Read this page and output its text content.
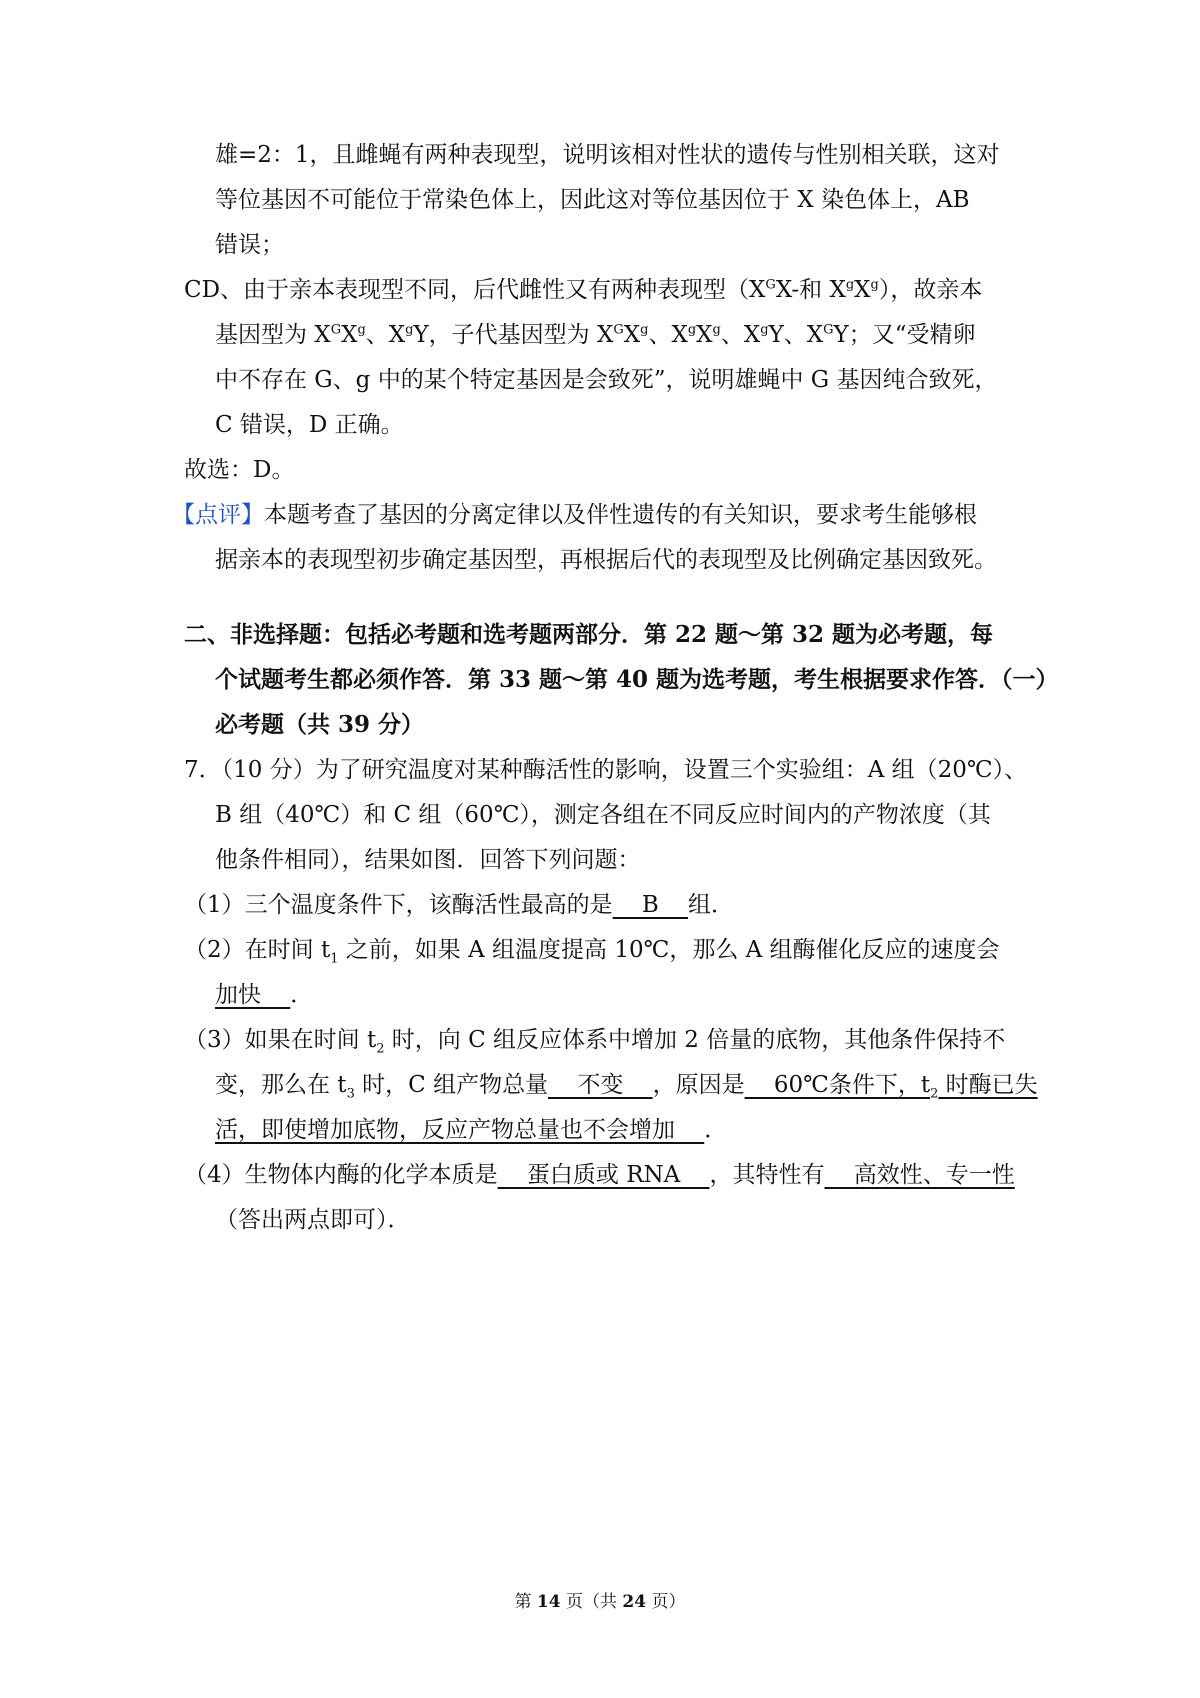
雄=2：1，且雌蝇有两种表现型，说明该相对性状的遗传与性别相关联，这对
等位基因不可能位于常染色体上，因此这对等位基因位于 X 染色体上，AB
错误；
CD、由于亲本表现型不同，后代雌性又有两种表现型（$X^GX-$和 $X^gX^g$），故亲本
基因型为 $X^GX^g$、$X^gY$，子代基因型为 $X^GX^g$、$X^gX^g$、$X^gY$、$X^GY$；又“受精卵
中不存在 G、g 中的某个特定基因是会致死”，说明雄蝇中 G 基因纯合致死，
C 错误，D 正确。
故选：D。
【点评】本题考查了基因的分离定律以及伴性遗传的有关知识，要求考生能够根
据亲本的表现型初步确定基因型，再根据后代的表现型及比例确定基因致死。
二、非选择题：包括必考题和选考题两部分．第 22 题～第 32 题为必考题，每
个试题考生都必须作答．第 33 题～第 40 题为选考题，考生根据要求作答．（一）
必考题（共 39 分）
7．（10 分）为了研究温度对某种酶活性的影响，设置三个实验组：A 组（20℃）、
B 组（40℃）和 C 组（60℃），测定各组在不同反应时间内的产物浓度（其
他条件相同），结果如图．回答下列问题：
（1）三个温度条件下，该酶活性最高的是    B    组．
（2）在时间 $t_1$ 之前，如果 A 组温度提高 10℃，那么 A 组酶催化反应的速度会
加快    ．
（3）如果在时间 $t_2$ 时，向 C 组反应体系中增加 2 倍量的底物，其他条件保持不
变，那么在 $t_3$ 时，C 组产物总量    不变    ，原因是    60℃条件下，$t_2$ 时酶已失
活，即使增加底物，反应产物总量也不会增加    ．
（4）生物体内酶的化学本质是    蛋白质或 RNA    ，其特性有    高效性、专一性
（答出两点即可）．
第 14 页（共 24 页）
